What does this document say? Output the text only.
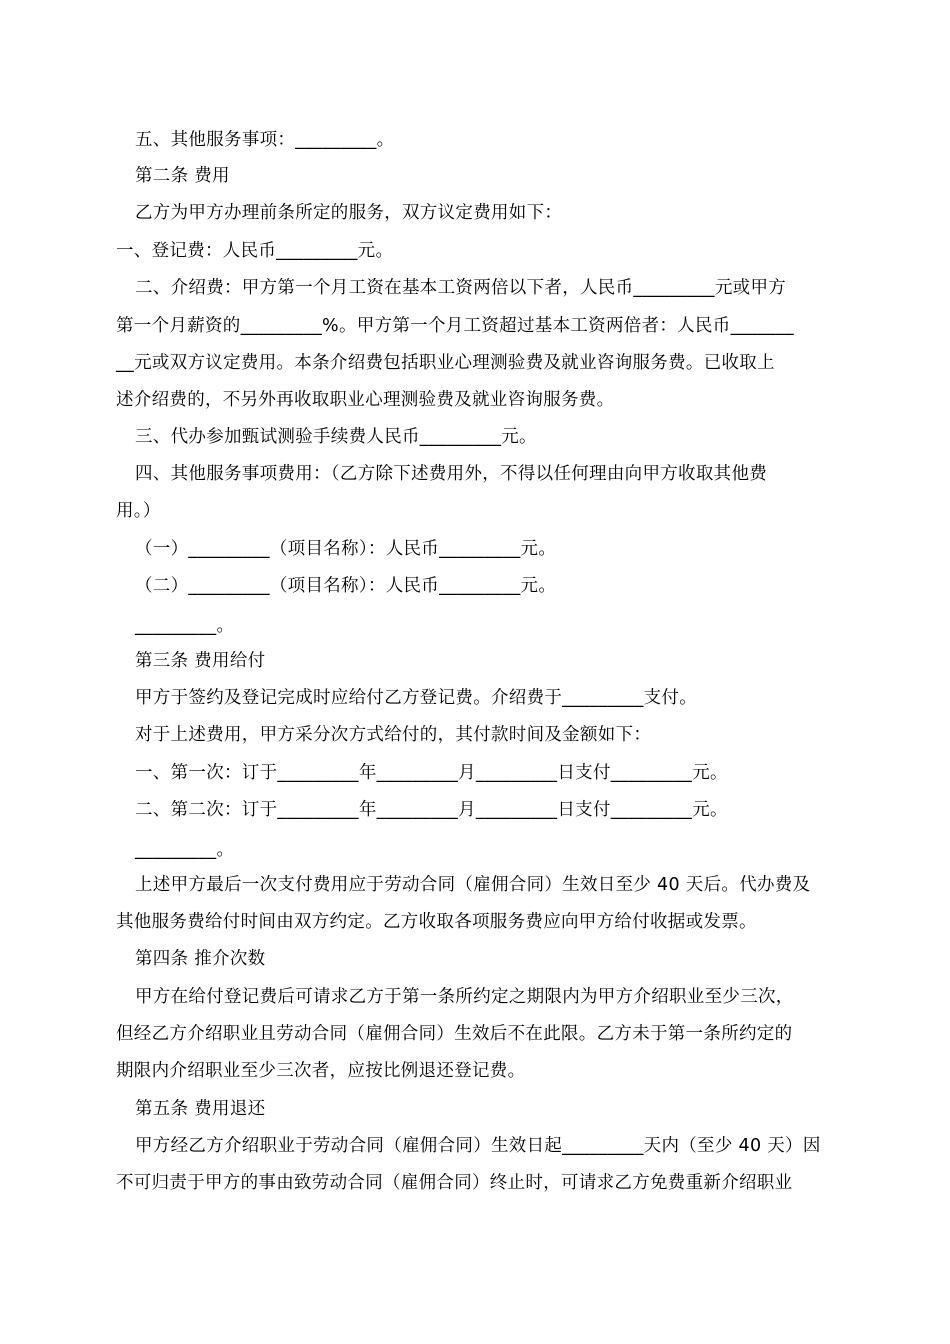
五、其他服务事项：_________。
第二条 费用
乙方为甲方办理前条所定的服务，双方议定费用如下：
一、登记费：人民币_________元。
二、介绍费：甲方第一个月工资在基本工资两倍以下者，人民币_________元或甲方
第一个月薪资的_________%。甲方第一个月工资超过基本工资两倍者：人民币_______
__元或双方议定费用。本条介绍费包括职业心理测验费及就业咨询服务费。已收取上
述介绍费的，不另外再收取职业心理测验费及就业咨询服务费。
三、代办参加甄试测验手续费人民币_________元。
四、其他服务事项费用：（乙方除下述费用外，不得以任何理由向甲方收取其他费
用。）
（一）_________（项目名称）：人民币_________元。
（二）_________（项目名称）：人民币_________元。
_________。
第三条 费用给付
甲方于签约及登记完成时应给付乙方登记费。介绍费于_________支付。
对于上述费用，甲方采分次方式给付的，其付款时间及金额如下：
一、第一次：订于_________年_________月_________日支付_________元。
二、第二次：订于_________年_________月_________日支付_________元。
_________。
上述甲方最后一次支付费用应于劳动合同（雇佣合同）生效日至少 40 天后。代办费及
其他服务费给付时间由双方约定。乙方收取各项服务费应向甲方给付收据或发票。
第四条 推介次数
甲方在给付登记费后可请求乙方于第一条所约定之期限内为甲方介绍职业至少三次，
但经乙方介绍职业且劳动合同（雇佣合同）生效后不在此限。乙方未于第一条所约定的
期限内介绍职业至少三次者，应按比例退还登记费。
第五条 费用退还
甲方经乙方介绍职业于劳动合同（雇佣合同）生效日起_________天内（至少 40 天）因
不可归责于甲方的事由致劳动合同（雇佣合同）终止时，可请求乙方免费重新介绍职业
